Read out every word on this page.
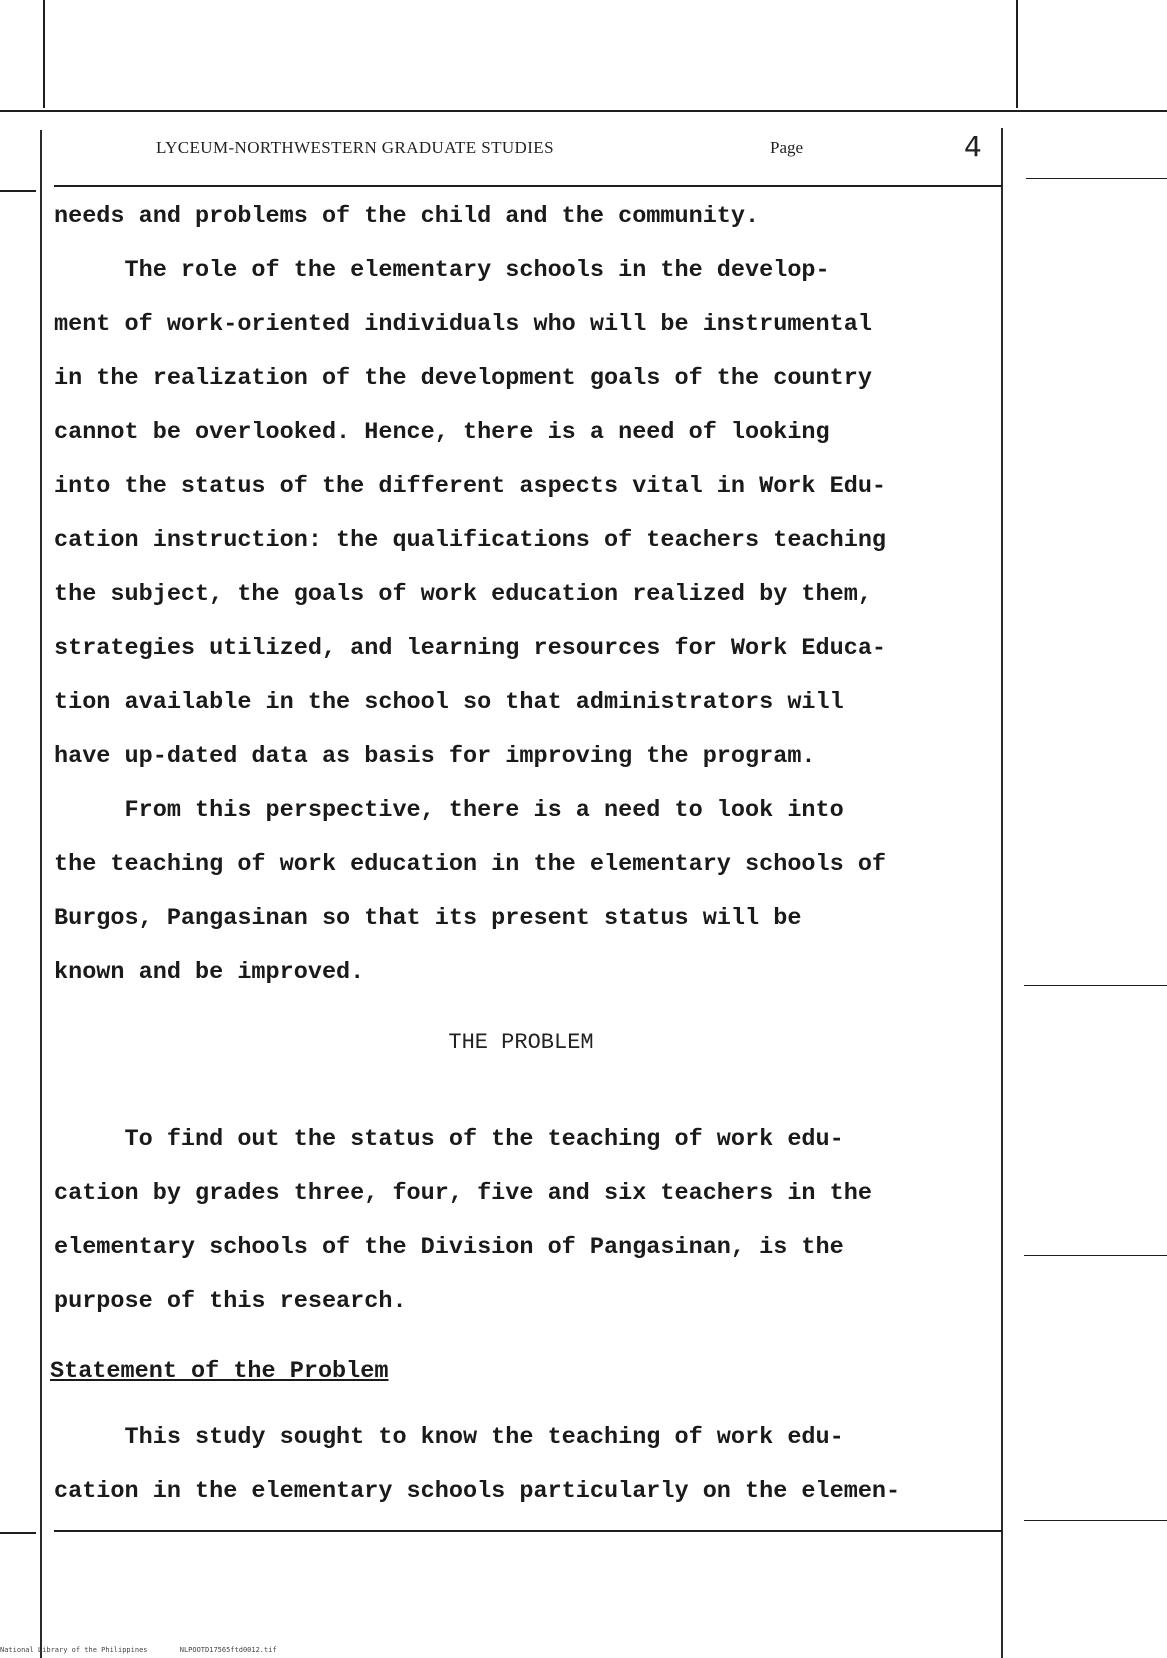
LYCEUM-NORTHWESTERN GRADUATE STUDIES	Page	4

needs and problems of the child and the community.

The role of the elementary schools in the develop-

ment of work-oriented individuals who will be instrumental

in the realization of the development goals of the country

cannot be overlooked. Hence, there is a need of looking

into the status of the different aspects vital in Work Edu-

cation instruction: the qualifications of teachers teaching

the subject, the goals of work education realized by them,

strategies utilized, and learning resources for Work Educa-

tion available in the school so that administrators will

have up-dated data as basis for improving the program.

From this perspective, there is a need to look into

the teaching of work education in the elementary schools of

Burgos, Pangasinan so that its present status will be

known and be improved.

THE PROBLEM

To find out the status of the teaching of work edu-

cation by grades three, four, five and six teachers in the

elementary schools of the Division of Pangasinan, is the

purpose of this research.

Statement of the Problem

This study sought to know the teaching of work edu-

cation in the elementary schools particularly on the elemen-

National Library of the Philippines	NLPOOTD17565ftd0012.tif
